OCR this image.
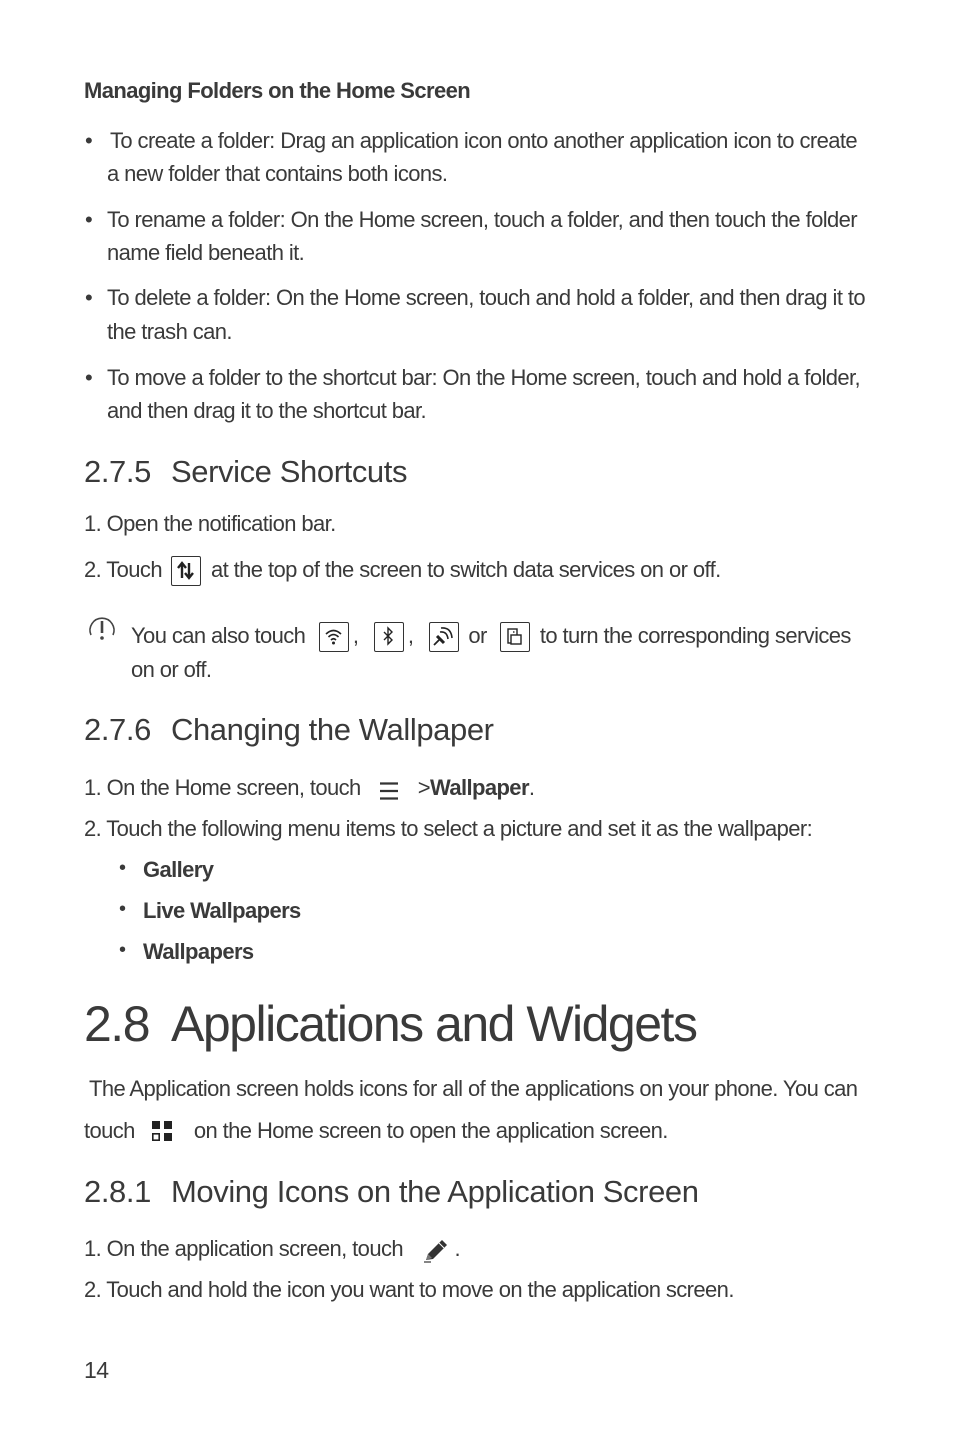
Managing Folders on the Home Screen
• To create a folder: Drag an application icon onto another application icon to create
a new folder that contains both icons.
• To rename a folder: On the Home screen, touch a folder, and then touch the folder
name field beneath it.
• To delete a folder: On the Home screen, touch and hold a folder, and then drag it to
the trash can.
• To move a folder to the shortcut bar: On the Home screen, touch and hold a folder,
and then drag it to the shortcut bar.
2.7.5 Service Shortcuts
1. Open the notification bar.
2. Touch at the top of the screen to switch data services on or off.
You can also touch , ,	or to turn the corresponding services
on or off.
2.7.6 Changing the Wallpaper
1. On the Home screen, touch	>Wallpaper.
2. Touch the following menu items to select a picture and set it as the wallpaper:
• Gallery
• Live Wallpapers
• Wallpapers
2.8 Applications and Widgets
The Application screen holds icons for all of the applications on your phone. You can
touch	on the Home screen to open the application screen.
2.8.1 Moving Icons on the Application Screen
1. On the application screen, touch .
2. Touch and hold the icon you want to move on the application screen.
14
